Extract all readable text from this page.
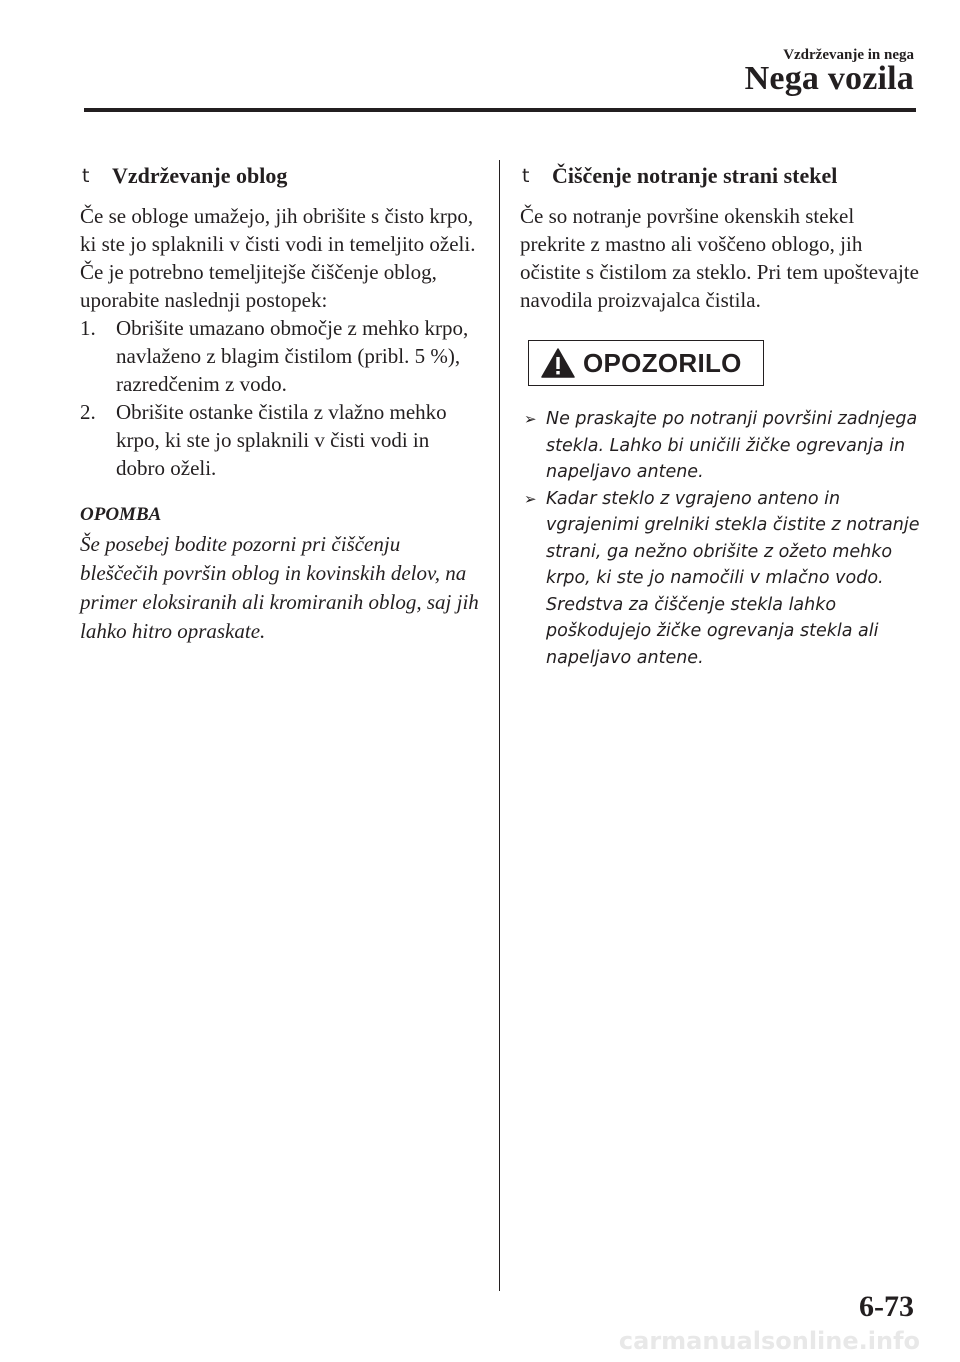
Vzdrževanje in nega
Nega vozila
t Vzdrževanje oblog

Če se obloge umažejo, jih obrišite s čisto krpo, ki ste jo splaknili v čisti vodi in temeljito oželi.

Če je potrebno temeljitejše čiščenje oblog, uporabite naslednji postopek:

1. Obrišite umazano območje z mehko krpo, navlaženo z blagim čistilom (pribl. 5 %), razredčenim z vodo.
2. Obrišite ostanke čistila z vlažno mehko krpo, ki ste jo splaknili v čisti vodi in dobro oželi.
OPOMBA

Še posebej bodite pozorni pri čiščenju bleščečih površin oblog in kovinskih delov, na primer eloksiranih ali kromiranih oblog, saj jih lahko hitro opraskate.

t Čiščenje notranje strani stekel

Če so notranje površine okenskih stekel prekrite z mastno ali voščeno oblogo, jih očistite s čistilom za steklo. Pri tem upoštevajte navodila proizvajalca čistila.

OPOZORILO
➢ Ne praskajte po notranji površini zadnjega stekla. Lahko bi uničili žičke ogrevanja in napeljavo antene.
➢ Kadar steklo z vgrajeno anteno in vgrajenimi grelniki stekla čistite z notranje strani, ga nežno obrišite z ožeto mehko krpo, ki ste jo namočili v mlačno vodo.
Sredstva za čiščenje stekla lahko poškodujejo žičke ogrevanja stekla ali napeljavo antene.
6-73
carmanualsonline.info
